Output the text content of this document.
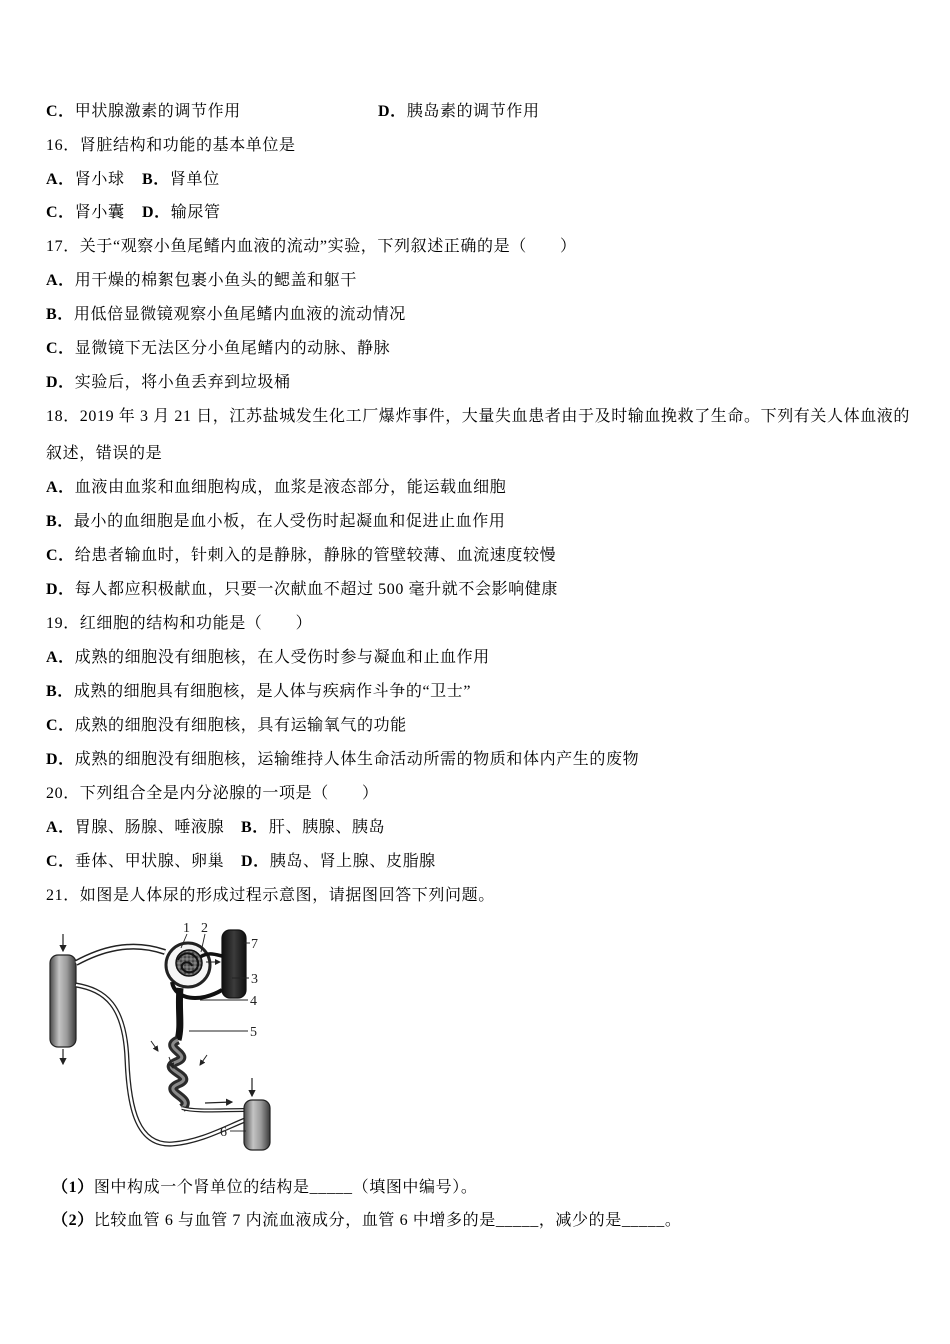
C．甲状腺激素的调节作用	D．胰岛素的调节作用
16．肾脏结构和功能的基本单位是
A．肾小球 B．肾单位
C．肾小囊 D．输尿管
17．关于“观察小鱼尾鳍内血液的流动”实验，下列叙述正确的是（　　）
A．用干燥的棉絮包裹小鱼头的鳃盖和躯干
B．用低倍显微镜观察小鱼尾鳍内血液的流动情况
C．显微镜下无法区分小鱼尾鳍内的动脉、静脉
D．实验后，将小鱼丢弃到垃圾桶
18．2019 年 3 月 21 日，江苏盐城发生化工厂爆炸事件，大量失血患者由于及时输血挽救了生命。下列有关人体血液的
叙述，错误的是
A．血液由血浆和血细胞构成，血浆是液态部分，能运载血细胞
B．最小的血细胞是血小板，在人受伤时起凝血和促进止血作用
C．给患者输血时，针刺入的是静脉，静脉的管壁较薄、血流速度较慢
D．每人都应积极献血，只要一次献血不超过 500 毫升就不会影响健康
19．红细胞的结构和功能是（　　）
A．成熟的细胞没有细胞核，在人受伤时参与凝血和止血作用
B．成熟的细胞具有细胞核，是人体与疾病作斗争的“卫士”
C．成熟的细胞没有细胞核，具有运输氧气的功能
D．成熟的细胞没有细胞核，运输维持人体生命活动所需的物质和体内产生的废物
20．下列组合全是内分泌腺的一项是（　　）
A．胃腺、肠腺、唾液腺 B．肝、胰腺、胰岛
C．垂体、甲状腺、卵巢 D．胰岛、肾上腺、皮脂腺
21．如图是人体尿的形成过程示意图，请据图回答下列问题。
1 2
7
3
4
5
6
（1）图中构成一个肾单位的结构是_____（填图中编号）。
（2）比较血管 6 与血管 7 内流血液成分，血管 6 中增多的是_____，减少的是_____。
